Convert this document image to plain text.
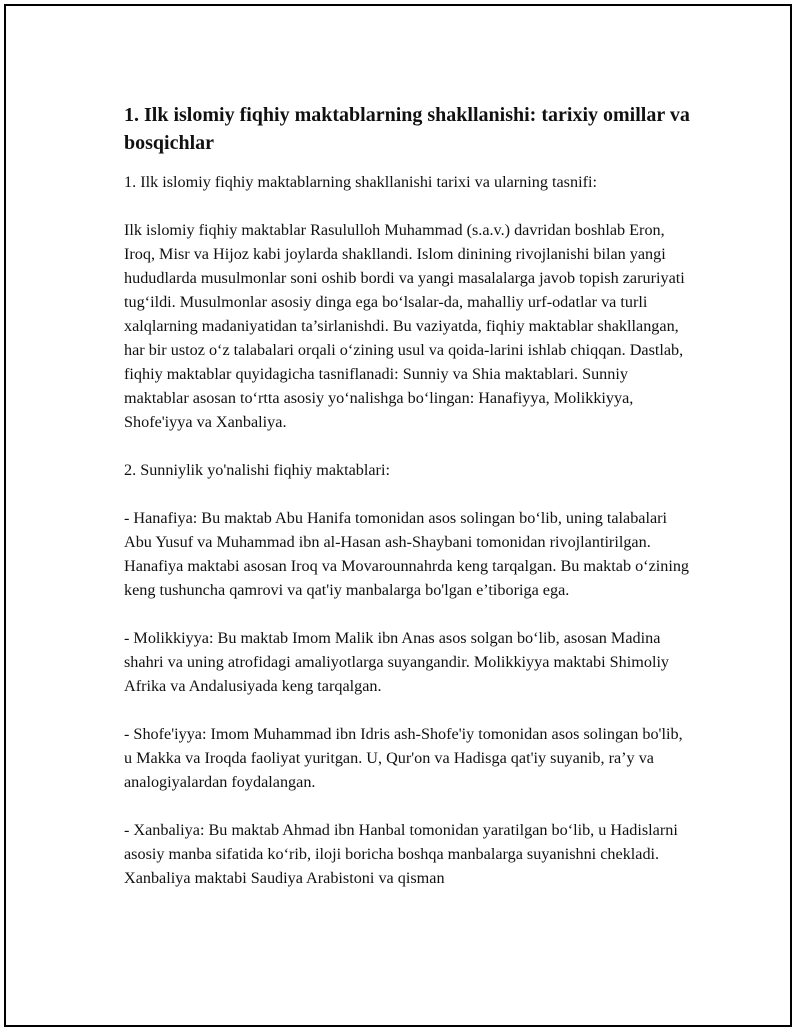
1. Ilk islomiy fiqhiy maktablarning shakllanishi: tarixiy omillar va bosqichlar

1. Ilk islomiy fiqhiy maktablarning shakllanishi tarixi va ularning tasnifi:

Ilk islomiy fiqhiy maktablar Rasululloh Muhammad (s.a.v.) davridan boshlab Eron, Iroq, Misr va Hijoz kabi joylarda shakllandi. Islom dinining rivojlanishi bilan yangi hududlarda musulmonlar soni oshib bordi va yangi masalalarga javob topish zaruriyati tug‘ildi. Musulmonlar asosiy dinga ega bo‘lsalar-da, mahalliy urf-odatlar va turli xalqlarning madaniyatidan ta’sirlanishdi. Bu vaziyatda, fiqhiy maktablar shakllangan, har bir ustoz o‘z talabalari orqali o‘zining usul va qoida-larini ishlab chiqqan. Dastlab, fiqhiy maktablar quyidagicha tasniflanadi: Sunniy va Shia maktablari. Sunniy maktablar asosan to‘rtta asosiy yo‘nalishga bo‘lingan: Hanafiyya, Molikkiyya, Shofe'iyya va Xanbaliya.

2. Sunniylik yo'nalishi fiqhiy maktablari:

- Hanafiya: Bu maktab Abu Hanifa tomonidan asos solingan bo‘lib, uning talabalari Abu Yusuf va Muhammad ibn al-Hasan ash-Shaybani tomonidan rivojlantirilgan. Hanafiya maktabi asosan Iroq va Movarounnahrda keng tarqalgan. Bu maktab o‘zining keng tushuncha qamrovi va qat'iy manbalarga bo'lgan e’tiboriga ega.

- Molikkiyya: Bu maktab Imom Malik ibn Anas asos solgan bo‘lib, asosan Madina shahri va uning atrofidagi amaliyotlarga suyangandir. Molikkiyya maktabi Shimoliy Afrika va Andalusiyada keng tarqalgan.

- Shofe'iyya: Imom Muhammad ibn Idris ash-Shofe'iy tomonidan asos solingan bo'lib, u Makka va Iroqda faoliyat yuritgan. U, Qur'on va Hadisga qat'iy suyanib, ra’y va analogiyalardan foydalangan.

- Xanbaliya: Bu maktab Ahmad ibn Hanbal tomonidan yaratilgan bo‘lib, u Hadislarni asosiy manba sifatida ko‘rib, iloji boricha boshqa manbalarga suyanishni chekladi. Xanbaliya maktabi Saudiya Arabistoni va qisman
